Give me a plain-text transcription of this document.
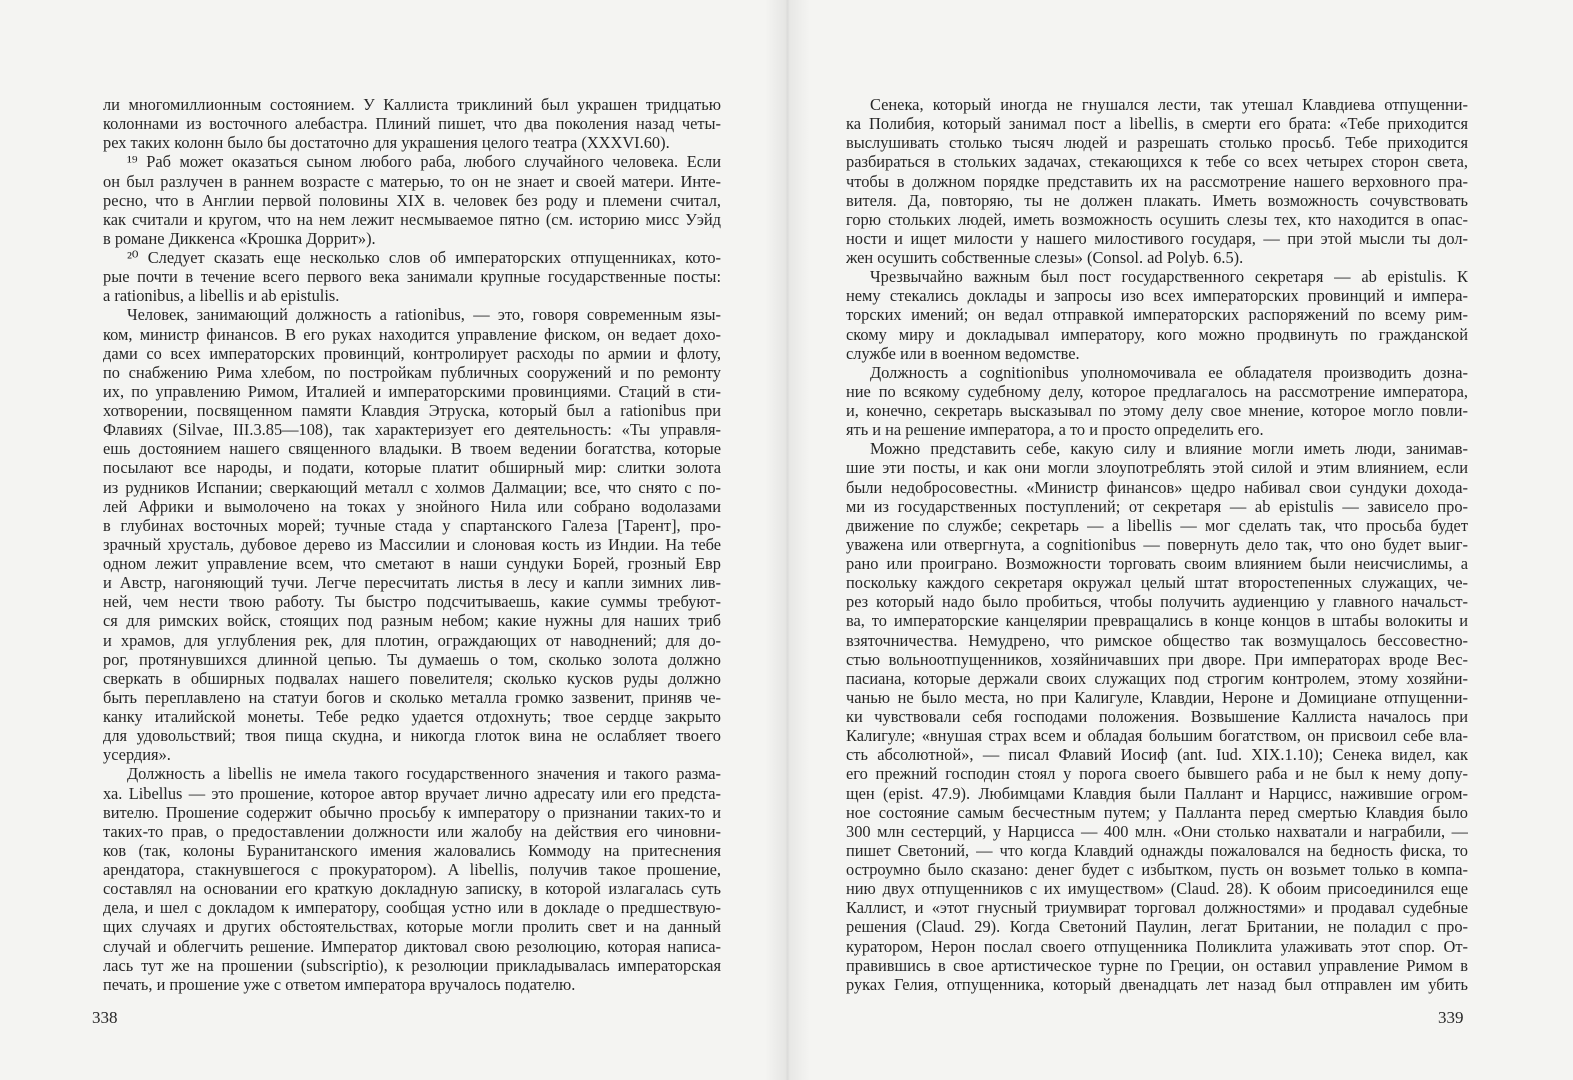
ли многомиллионным состоянием. У Каллиста триклиний был украшен тридцатью
колоннами из восточного алебастра. Плиний пишет, что два поколения назад четы-
рех таких колонн было бы достаточно для украшения целого театра (XXXVI.60).
¹⁹ Раб может оказаться сыном любого раба, любого случайного человека. Если
он был разлучен в раннем возрасте с матерью, то он не знает и своей матери. Инте-
ресно, что в Англии первой половины XIX в. человек без роду и племени считал,
как считали и кругом, что на нем лежит несмываемое пятно (см. историю мисс Уэйд
в романе Диккенса «Крошка Доррит»).
²⁰ Следует сказать еще несколько слов об императорских отпущенниках, кото-
рые почти в течение всего первого века занимали крупные государственные посты:
a rationibus, a libellis и ab epistulis.
Человек, занимающий должность a rationibus, — это, говоря современным язы-
ком, министр финансов. В его руках находится управление фиском, он ведает дохо-
дами со всех императорских провинций, контролирует расходы по армии и флоту,
по снабжению Рима хлебом, по постройкам публичных сооружений и по ремонту
их, по управлению Римом, Италией и императорскими провинциями. Стаций в сти-
хотворении, посвященном памяти Клавдия Этруска, который был a rationibus при
Флавиях (Silvae, III.3.85—108), так характеризует его деятельность: «Ты управля-
ешь достоянием нашего священного владыки. В твоем ведении богатства, которые
посылают все народы, и подати, которые платит обширный мир: слитки золота
из рудников Испании; сверкающий металл с холмов Далмации; все, что снято с по-
лей Африки и вымолочено на токах у знойного Нила или собрано водолазами
в глубинах восточных морей; тучные стада у спартанского Галеза [Тарент], про-
зрачный хрусталь, дубовое дерево из Массилии и слоновая кость из Индии. На тебе
одном лежит управление всем, что сметают в наши сундуки Борей, грозный Евр
и Австр, нагоняющий тучи. Легче пересчитать листья в лесу и капли зимних лив-
ней, чем нести твою работу. Ты быстро подсчитываешь, какие суммы требуют-
ся для римских войск, стоящих под разным небом; какие нужны для наших триб
и храмов, для углубления рек, для плотин, ограждающих от наводнений; для до-
рог, протянувшихся длинной цепью. Ты думаешь о том, сколько золота должно
сверкать в обширных подвалах нашего повелителя; сколько кусков руды должно
быть переплавлено на статуи богов и сколько металла громко зазвенит, приняв че-
канку италийской монеты. Тебе редко удается отдохнуть; твое сердце закрыто
для удовольствий; твоя пища скудна, и никогда глоток вина не ослабляет твоего
усердия».
Должность a libellis не имела такого государственного значения и такого разма-
ха. Libellus — это прошение, которое автор вручает лично адресату или его предста-
вителю. Прошение содержит обычно просьбу к императору о признании таких-то и
таких-то прав, о предоставлении должности или жалобу на действия его чиновни-
ков (так, колоны Буранитанского имения жаловались Коммоду на притеснения
арендатора, стакнувшегося с прокуратором). A libellis, получив такое прошение,
составлял на основании его краткую докладную записку, в которой излагалась суть
дела, и шел с докладом к императору, сообщая устно или в докладе о предшествую-
щих случаях и других обстоятельствах, которые могли пролить свет и на данный
случай и облегчить решение. Император диктовал свою резолюцию, которая написа-
лась тут же на прошении (subscriptio), к резолюции прикладывалась императорская
печать, и прошение уже с ответом императора вручалось подателю.
Сенека, который иногда не гнушался лести, так утешал Клавдиева отпущенни-
ка Полибия, который занимал пост a libellis, в смерти его брата: «Тебе приходится
выслушивать столько тысяч людей и разрешать столько просьб. Тебе приходится
разбираться в стольких задачах, стекающихся к тебе со всех четырех сторон света,
чтобы в должном порядке представить их на рассмотрение нашего верховного пра-
вителя. Да, повторяю, ты не должен плакать. Иметь возможность сочувствовать
горю стольких людей, иметь возможность осушить слезы тех, кто находится в опас-
ности и ищет милости у нашего милостивого государя, — при этой мысли ты дол-
жен осушить собственные слезы» (Consol. ad Polyb. 6.5).
Чрезвычайно важным был пост государственного секретаря — ab epistulis. К
нему стекались доклады и запросы изо всех императорских провинций и импера-
торских имений; он ведал отправкой императорских распоряжений по всему рим-
скому миру и докладывал императору, кого можно продвинуть по гражданской
службе или в военном ведомстве.
Должность a cognitionibus уполномочивала ее обладателя производить дозна-
ние по всякому судебному делу, которое предлагалось на рассмотрение императора,
и, конечно, секретарь высказывал по этому делу свое мнение, которое могло повли-
ять и на решение императора, а то и просто определить его.
Можно представить себе, какую силу и влияние могли иметь люди, занимав-
шие эти посты, и как они могли злоупотреблять этой силой и этим влиянием, если
были недобросовестны. «Министр финансов» щедро набивал свои сундуки дохода-
ми из государственных поступлений; от секретаря — ab epistulis — зависело про-
движение по службе; секретарь — a libellis — мог сделать так, что просьба будет
уважена или отвергнута, а cognitionibus — повернуть дело так, что оно будет выиг-
рано или проиграно. Возможности торговать своим влиянием были неисчислимы, а
поскольку каждого секретаря окружал целый штат второстепенных служащих, че-
рез который надо было пробиться, чтобы получить аудиенцию у главного начальст-
ва, то императорские канцелярии превращались в конце концов в штабы волокиты и
взяточничества. Немудрено, что римское общество так возмущалось бессовестно-
стью вольноотпущенников, хозяйничавших при дворе. При императорах вроде Вес-
пасиана, которые держали своих служащих под строгим контролем, этому хозяйни-
чанью не было места, но при Калигуле, Клавдии, Нероне и Домициане отпущенни-
ки чувствовали себя господами положения. Возвышение Каллиста началось при
Калигуле; «внушая страх всем и обладая большим богатством, он присвоил себе вла-
сть абсолютной», — писал Флавий Иосиф (ant. Iud. XIX.1.10); Сенека видел, как
его прежний господин стоял у порога своего бывшего раба и не был к нему допу-
щен (epist. 47.9). Любимцами Клавдия были Паллант и Нарцисс, нажившие огром-
ное состояние самым бесчестным путем; у Палланта перед смертью Клавдия было
300 млн сестерций, у Нарцисса — 400 млн. «Они столько нахватали и награбили, —
пишет Светоний, — что когда Клавдий однажды пожаловался на бедность фиска, то
остроумно было сказано: денег будет с избытком, пусть он возьмет только в компа-
нию двух отпущенников с их имуществом» (Claud. 28). К обоим присоединился еще
Каллист, и «этот гнусный триумвират торговал должностями» и продавал судебные
решения (Claud. 29). Когда Светоний Паулин, легат Британии, не поладил с про-
куратором, Нерон послал своего отпущенника Поликлита улаживать этот спор. От-
правившись в свое артистическое турне по Греции, он оставил управление Римом в
руках Гелия, отпущенника, который двенадцать лет назад был отправлен им убить
338	339
